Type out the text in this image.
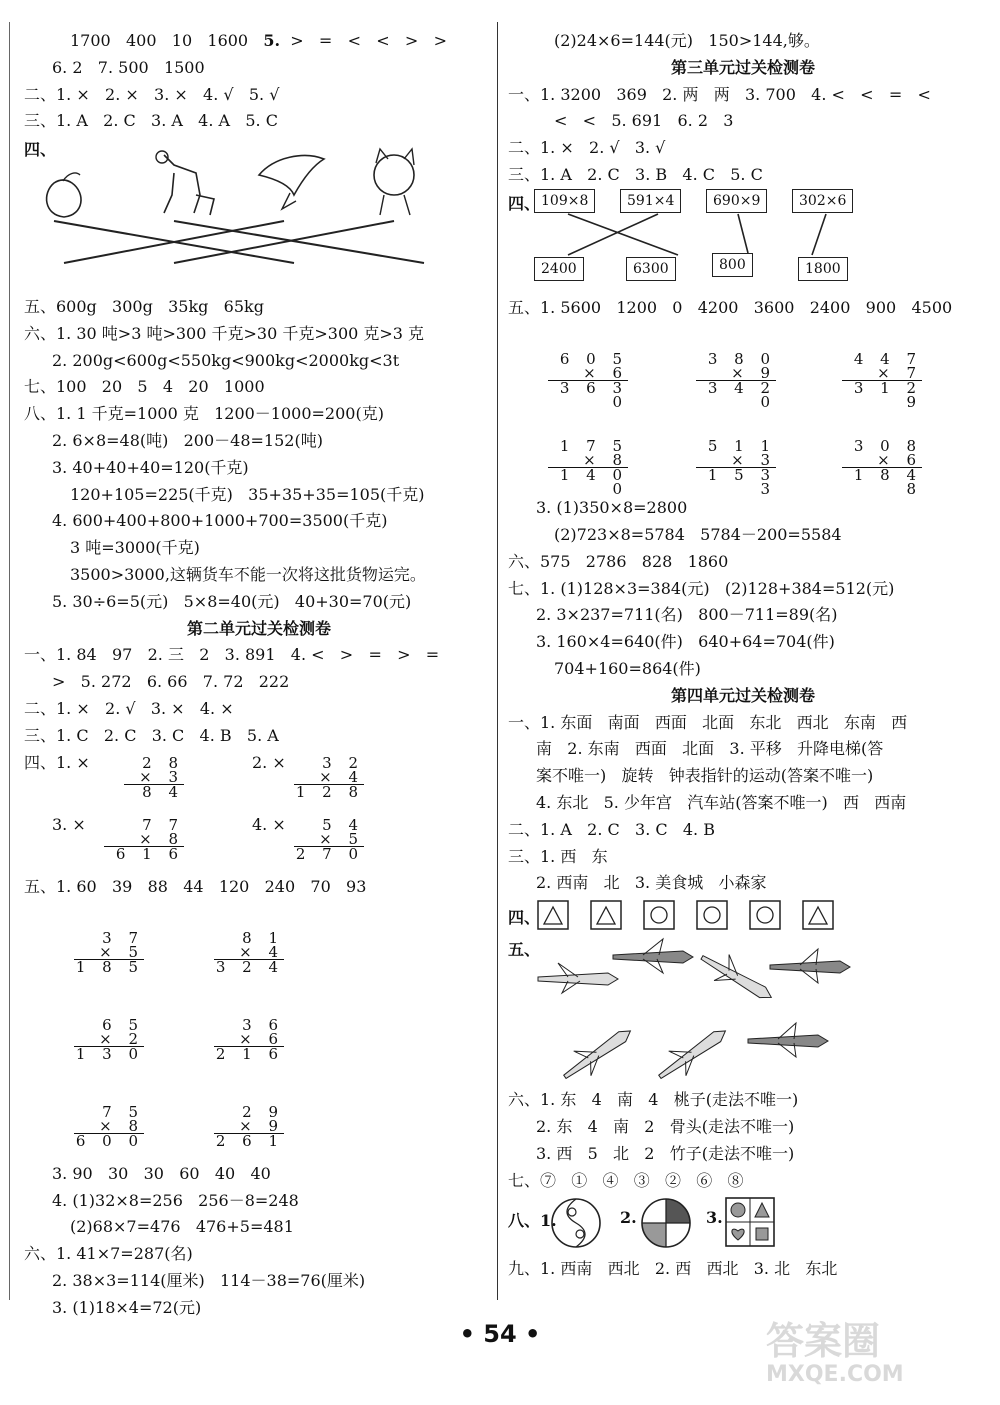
1700   400   10   1600   5.  >   =   <   <   >   >
6. 2   7. 500   1500
二、1. ×   2. ×   3. ×   4. √   5. √
三、1. A   2. C   3. A   4. A   5. C
四、

五、600g   300g   35kg   65kg
六、1. 30 吨>3 吨>300 千克>30 千克>300 克>3 克
2. 200g<600g<550kg<900kg<2000kg<3t
七、100   20   5   4   20   1000
八、1. 1 千克=1000 克   1200－1000=200(克)
2. 6×8=48(吨)   200－48=152(吨)
3. 40+40+40=120(千克)
120+105=225(千克)   35+35+35=105(千克)
4. 600+400+800+1000+700=3500(千克)
3 吨=3000(千克)
3500>3000,这辆货车不能一次将这批货物运完。
5. 30÷6=5(元)   5×8=40(元)   40+30=70(元)
第二单元过关检测卷
一、1. 84   97   2. 三   2   3. 891   4. <   >   =   >   =
>   5. 272   6. 66   7. 72   222
二、1. ×   2. √   3. ×   4. ×
三、1. C   2. C   3. C   4. B   5. A
四、1. ×	2 8
× 3
8 4
2. ×	3 2
× 4
1 2 8
3. ×	7 7
× 8
6 1 6
4. ×	5 4
× 5
2 7 0
五、1. 60   39   88   44   120   240   70   93

3 7
× 5
1 8 5
8 1
× 4
3 2 4

6 5
× 2
1 3 0
3 6
× 6
2 1 6

7 5
× 8
6 0 0
2 9
× 9
2 6 1
3. 90   30   30   60   40   40
4. (1)32×8=256   256－8=248
(2)68×7=476   476+5=481
六、1. 41×7=287(名)
2. 38×3=114(厘米)   114－38=76(厘米)
3. (1)18×4=72(元)
(2)24×6=144(元)   150>144,够。
第三单元过关检测卷
一、1. 3200   369   2. 两   两   3. 700   4. <   <   =   <
<   <   5. 691   6. 2   3
二、1. ×   2. √   3. √
三、1. A   2. C   3. B   4. C   5. C
四、 109×8	591×4	690×9	302×6
2400	6300	800	1800
五、1. 5600   1200   0   4200   3600   2400   900   4500

6 0 5
× 6
3 6 3 0
3 8 0
× 9
3 4 2 0
4 4 7
× 7
3 1 2 9

1 7 5
× 8
1 4 0 0
5 1 1
× 3
1 5 3 3
3 0 8
× 6
1 8 4 8
3. (1)350×8=2800
(2)723×8=5784   5784－200=5584
六、575   2786   828   1860
七、1. (1)128×3=384(元)   (2)128+384=512(元)
2. 3×237=711(名)   800－711=89(名)
3. 160×4=640(件)   640+64=704(件)
704+160=864(件)
第四单元过关检测卷
一、1. 东面   南面   西面   北面   东北   西北   东南   西
南   2. 东南   西面   北面   3. 平移   升降电梯(答
案不唯一)   旋转   钟表指针的运动(答案不唯一)
4. 东北   5. 少年宫   汽车站(答案不唯一)   西   西南
二、1. A   2. C   3. C   4. B
三、1. 西   东
2. 西南   北   3. 美食城   小森家
四、
五、
六、1. 东   4   南   4   桃子(走法不唯一)
2. 东   4   南   2   骨头(走法不唯一)
3. 西   5   北   2   竹子(走法不唯一)
七、⑦   ①   ④   ③   ②   ⑥   ⑧
八、1.	2.	3.
九、1. 西南   西北   2. 西   西北   3. 北   东北
• 54 •	答案圈
MXQE.COM
